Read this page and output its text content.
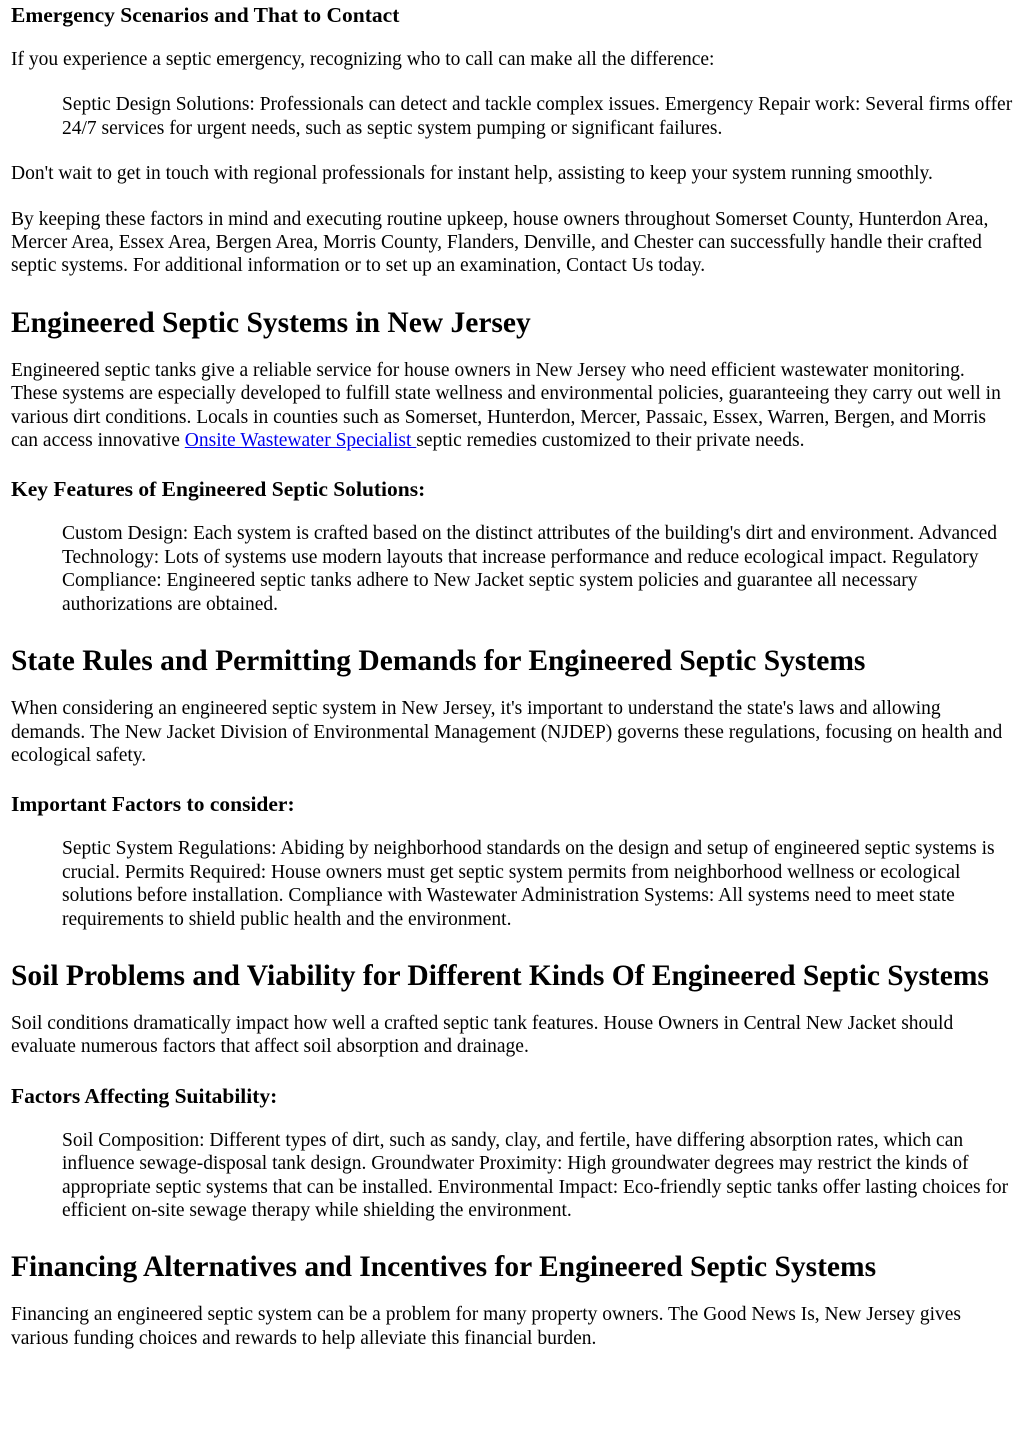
Emergency Scenarios and That to Contact

If you experience a septic emergency, recognizing who to call can make all the difference:

Septic Design Solutions: Professionals can detect and tackle complex issues. Emergency Repair work: Several firms offer 24/7 services for urgent needs, such as septic system pumping or significant failures.

Don't wait to get in touch with regional professionals for instant help, assisting to keep your system running smoothly.

By keeping these factors in mind and executing routine upkeep, house owners throughout Somerset County, Hunterdon Area, Mercer Area, Essex Area, Bergen Area, Morris County, Flanders, Denville, and Chester can successfully handle their crafted septic systems. For additional information or to set up an examination, Contact Us today.

Engineered Septic Systems in New Jersey

Engineered septic tanks give a reliable service for house owners in New Jersey who need efficient wastewater monitoring. These systems are especially developed to fulfill state wellness and environmental policies, guaranteeing they carry out well in various dirt conditions. Locals in counties such as Somerset, Hunterdon, Mercer, Passaic, Essex, Warren, Bergen, and Morris can access innovative Onsite Wastewater Specialist septic remedies customized to their private needs.

Key Features of Engineered Septic Solutions:
Custom Design: Each system is crafted based on the distinct attributes of the building's dirt and environment. Advanced Technology: Lots of systems use modern layouts that increase performance and reduce ecological impact. Regulatory Compliance: Engineered septic tanks adhere to New Jacket septic system policies and guarantee all necessary authorizations are obtained.
State Rules and Permitting Demands for Engineered Septic Systems

When considering an engineered septic system in New Jersey, it's important to understand the state's laws and allowing demands. The New Jacket Division of Environmental Management (NJDEP) governs these regulations, focusing on health and ecological safety.

Important Factors to consider:
Septic System Regulations: Abiding by neighborhood standards on the design and setup of engineered septic systems is crucial. Permits Required: House owners must get septic system permits from neighborhood wellness or ecological solutions before installation. Compliance with Wastewater Administration Systems: All systems need to meet state requirements to shield public health and the environment.
Soil Problems and Viability for Different Kinds Of Engineered Septic Systems

Soil conditions dramatically impact how well a crafted septic tank features. House Owners in Central New Jacket should evaluate numerous factors that affect soil absorption and drainage.

Factors Affecting Suitability:
Soil Composition: Different types of dirt, such as sandy, clay, and fertile, have differing absorption rates, which can influence sewage-disposal tank design. Groundwater Proximity: High groundwater degrees may restrict the kinds of appropriate septic systems that can be installed. Environmental Impact: Eco-friendly septic tanks offer lasting choices for efficient on-site sewage therapy while shielding the environment.
Financing Alternatives and Incentives for Engineered Septic Systems

Financing an engineered septic system can be a problem for many property owners. The Good News Is, New Jersey gives various funding choices and rewards to help alleviate this financial burden.
